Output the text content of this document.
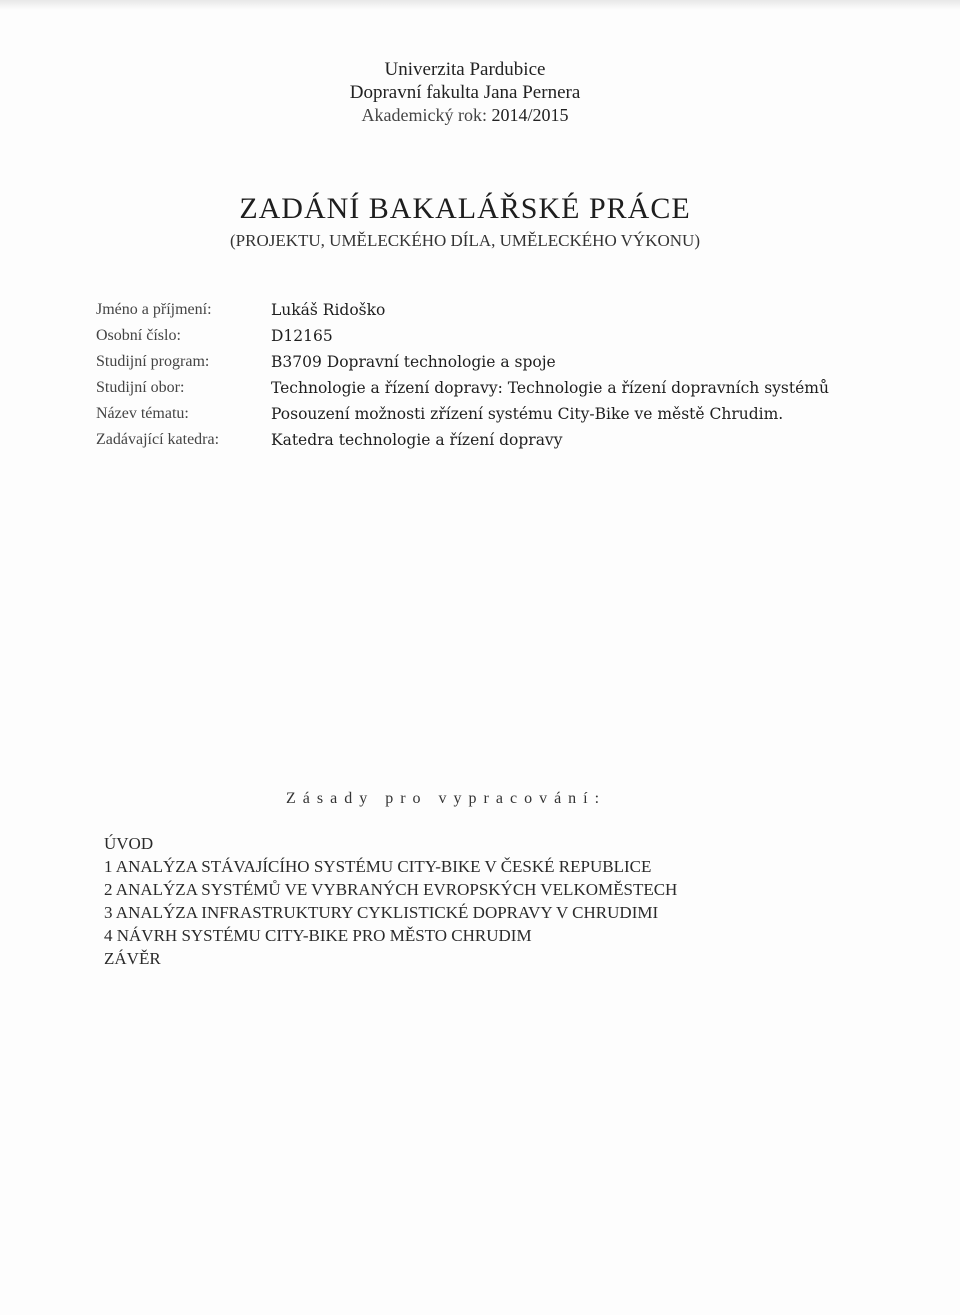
Univerzita Pardubice
Dopravní fakulta Jana Pernera
Akademický rok: 2014/2015
ZADÁNÍ BAKALÁŘSKÉ PRÁCE
(PROJEKTU, UMĚLECKÉHO DÍLA, UMĚLECKÉHO VÝKONU)
Jméno a příjmení:	Lukáš Ridoško
Osobní číslo:	D12165
Studijní program:	B3709 Dopravní technologie a spoje
Studijní obor:	Technologie a řízení dopravy: Technologie a řízení dopravních systémů
Název tématu:	Posouzení možnosti zřízení systému City-Bike ve městě Chrudim.
Zadávající katedra:	Katedra technologie a řízení dopravy
Zásady pro vypracování:
ÚVOD
1 ANALÝZA STÁVAJÍCÍHO SYSTÉMU CITY-BIKE V ČESKÉ REPUBLICE
2 ANALÝZA SYSTÉMŮ VE VYBRANÝCH EVROPSKÝCH VELKOMĚSTECH
3 ANALÝZA INFRASTRUKTURY CYKLISTICKÉ DOPRAVY V CHRUDIMI
4 NÁVRH SYSTÉMU CITY-BIKE PRO MĚSTO CHRUDIM
ZÁVĚR
